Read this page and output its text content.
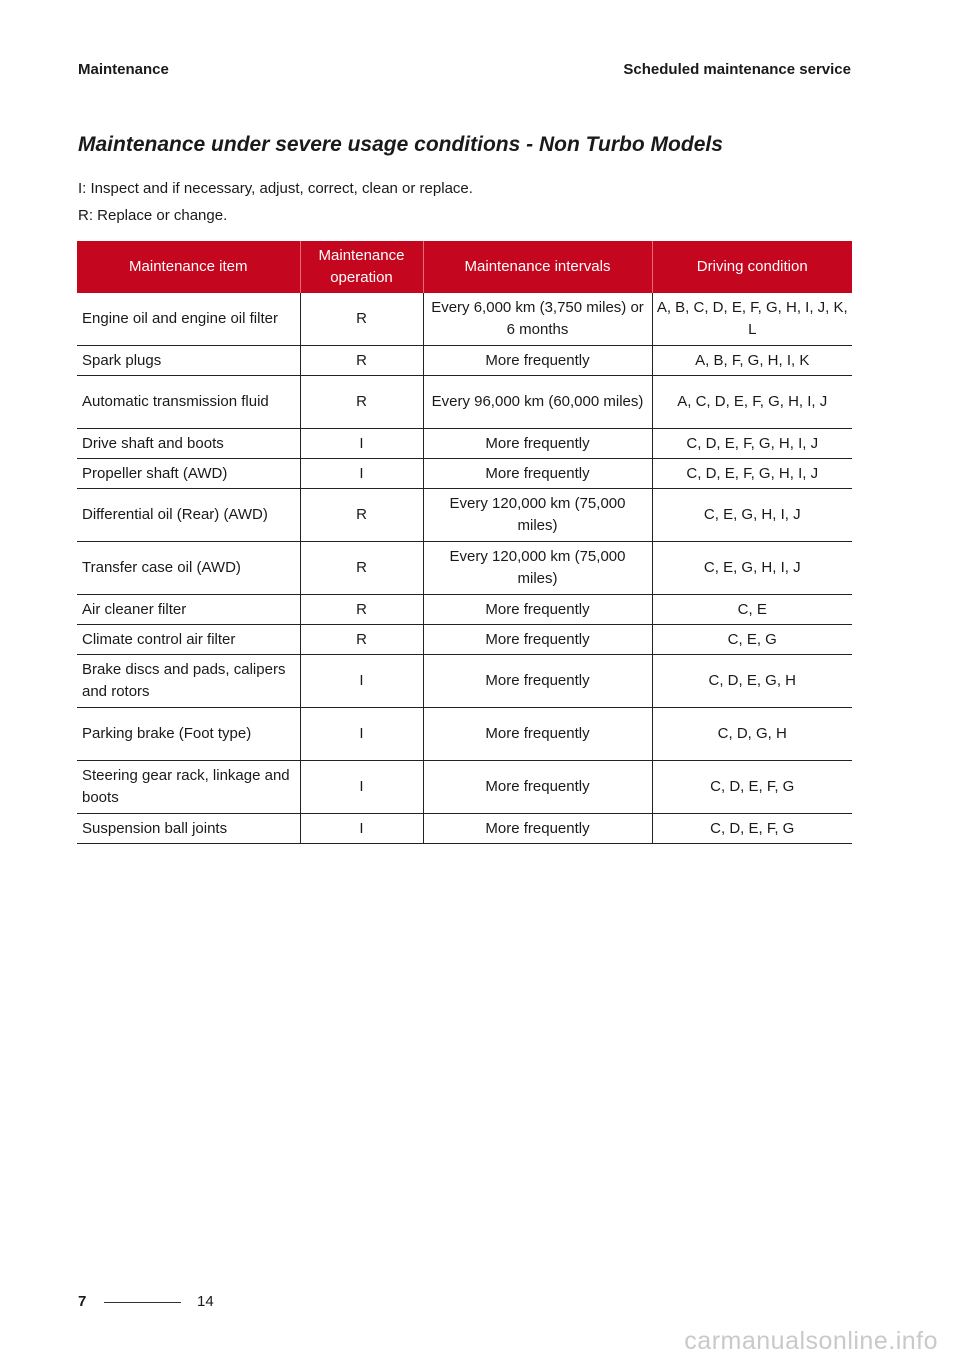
Maintenance	Scheduled maintenance service
Maintenance under severe usage conditions - Non Turbo Models
I: Inspect and if necessary, adjust, correct, clean or replace.
R: Replace or change.
Maintenance item	Maintenance operation	Maintenance intervals	Driving condition
Engine oil and engine oil filter	R	Every 6,000 km (3,750 miles) or 6 months	A, B, C, D, E, F, G, H, I, J, K, L
Spark plugs	R	More frequently	A, B, F, G, H, I, K
Automatic transmission fluid	R	Every 96,000 km (60,000 miles)	A, C, D, E, F, G, H, I, J
Drive shaft and boots	I	More frequently	C, D, E, F, G, H, I, J
Propeller shaft (AWD)	I	More frequently	C, D, E, F, G, H, I, J
Differential oil (Rear) (AWD)	R	Every 120,000 km (75,000 miles)	C, E, G, H, I, J
Transfer case oil (AWD)	R	Every 120,000 km (75,000 miles)	C, E, G, H, I, J
Air cleaner filter	R	More frequently	C, E
Climate control air filter	R	More frequently	C, E, G
Brake discs and pads, calipers and rotors	I	More frequently	C, D, E, G, H
Parking brake (Foot type)	I	More frequently	C, D, G, H
Steering gear rack, linkage and boots	I	More frequently	C, D, E, F, G
Suspension ball joints	I	More frequently	C, D, E, F, G
7	14
carmanualsonline.info
